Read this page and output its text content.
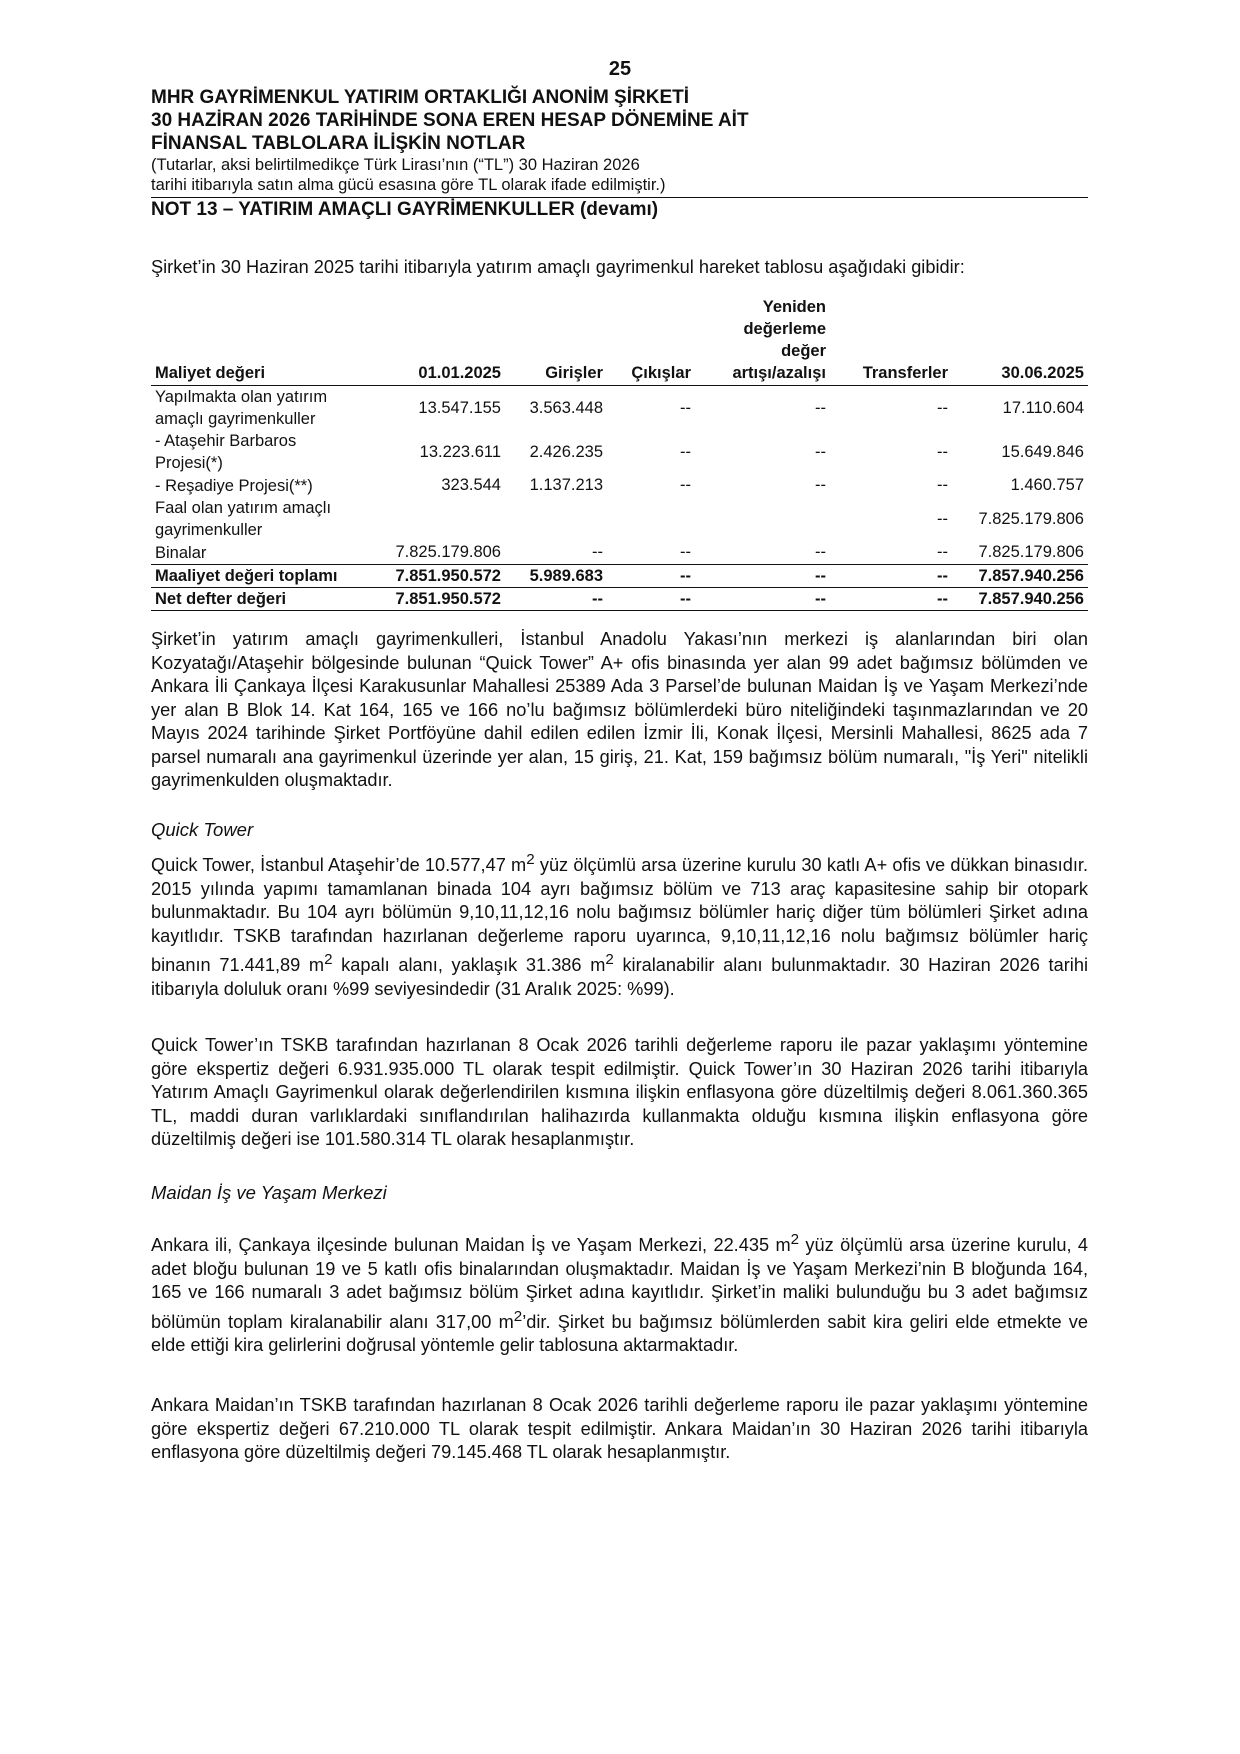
25
MHR GAYRİMENKUL YATIRIM ORTAKLIĞI ANONİM ŞİRKETİ
30 HAZİRAN 2026 TARİHİNDE SONA EREN HESAP DÖNEMİNE AİT
FİNANSAL TABLOLARA İLİŞKİN NOTLAR
(Tutarlar, aksi belirtilmedikçe Türk Lirası’nın (“TL”) 30 Haziran 2026
tarihi itibarıyla satın alma gücü esasına göre TL olarak ifade edilmiştir.)
NOT 13 – YATIRIM AMAÇLI GAYRİMENKULLER (devamı)
Şirket’in 30 Haziran 2025 tarihi itibarıyla yatırım amaçlı gayrimenkul hareket tablosu aşağıdaki gibidir:
Maliyet değeri	01.01.2025	Girişler	Çıkışlar	Yeniden
değerleme
değer
artışı/azalışı	Transferler	30.06.2025

Yapılmakta olan yatırım
amaçlı gayrimenkuller	13.547.155	3.563.448	--	--	--	17.110.604

- Ataşehir Barbaros
Projesi(*)	13.223.611	2.426.235	--	--	--	15.649.846
- Reşadiye Projesi(**)	323.544	1.137.213	--	--	--	1.460.757

Faal olan yatırım amaçlı
gayrimenkuller					--	7.825.179.806
Binalar	7.825.179.806	--	--	--	--	7.825.179.806
Maaliyet değeri toplamı	7.851.950.572	5.989.683	--	--	--	7.857.940.256
Net defter değeri	7.851.950.572	--	--	--	--	7.857.940.256
Şirket’in yatırım amaçlı gayrimenkulleri, İstanbul Anadolu Yakası’nın merkezi iş alanlarından biri olan Kozyatağı/Ataşehir bölgesinde bulunan “Quick Tower” A+ ofis binasında yer alan 99 adet bağımsız bölümden ve Ankara İli Çankaya İlçesi Karakusunlar Mahallesi 25389 Ada 3 Parsel’de bulunan Maidan İş ve Yaşam Merkezi’nde yer alan B Blok 14. Kat 164, 165 ve 166 no’lu bağımsız bölümlerdeki büro niteliğindeki taşınmazlarından ve 20 Mayıs 2024 tarihinde Şirket Portföyüne dahil edilen edilen İzmir İli, Konak İlçesi, Mersinli Mahallesi, 8625 ada 7 parsel numaralı ana gayrimenkul üzerinde yer alan, 15 giriş, 21. Kat, 159 bağımsız bölüm numaralı, "İş Yeri" nitelikli gayrimenkulden oluşmaktadır.
Quick Tower
Quick Tower, İstanbul Ataşehir’de 10.577,47 $m^2$ yüz ölçümlü arsa üzerine kurulu 30 katlı A+ ofis ve dükkan binasıdır. 2015 yılında yapımı tamamlanan binada 104 ayrı bağımsız bölüm ve 713 araç kapasitesine sahip bir otopark bulunmaktadır. Bu 104 ayrı bölümün 9,10,11,12,16 nolu bağımsız bölümler hariç diğer tüm bölümleri Şirket adına kayıtlıdır. TSKB tarafından hazırlanan değerleme raporu uyarınca, 9,10,11,12,16 nolu bağımsız bölümler hariç binanın 71.441,89 $m^2$ kapalı alanı, yaklaşık 31.386 $m^2$ kiralanabilir alanı bulunmaktadır. 30 Haziran 2026 tarihi itibarıyla doluluk oranı %99 seviyesindedir (31 Aralık 2025: %99).
Quick Tower’ın TSKB tarafından hazırlanan 8 Ocak 2026 tarihli değerleme raporu ile pazar yaklaşımı yöntemine göre ekspertiz değeri 6.931.935.000 TL olarak tespit edilmiştir. Quick Tower’ın 30 Haziran 2026 tarihi itibarıyla Yatırım Amaçlı Gayrimenkul olarak değerlendirilen kısmına ilişkin enflasyona göre düzeltilmiş değeri 8.061.360.365 TL, maddi duran varlıklardaki sınıflandırılan halihazırda kullanmakta olduğu kısmına ilişkin enflasyona göre düzeltilmiş değeri ise 101.580.314 TL olarak hesaplanmıştır.
Maidan İş ve Yaşam Merkezi
Ankara ili, Çankaya ilçesinde bulunan Maidan İş ve Yaşam Merkezi, 22.435 $m^2$ yüz ölçümlü arsa üzerine kurulu, 4 adet bloğu bulunan 19 ve 5 katlı ofis binalarından oluşmaktadır. Maidan İş ve Yaşam Merkezi’nin B bloğunda 164, 165 ve 166 numaralı 3 adet bağımsız bölüm Şirket adına kayıtlıdır. Şirket’in maliki bulunduğu bu 3 adet bağımsız bölümün toplam kiralanabilir alanı 317,00 $m^2’dir$. Şirket bu bağımsız bölümlerden sabit kira geliri elde etmekte ve elde ettiği kira gelirlerini doğrusal yöntemle gelir tablosuna aktarmaktadır.
Ankara Maidan’ın TSKB tarafından hazırlanan 8 Ocak 2026 tarihli değerleme raporu ile pazar yaklaşımı yöntemine göre ekspertiz değeri 67.210.000 TL olarak tespit edilmiştir. Ankara Maidan’ın 30 Haziran 2026 tarihi itibarıyla enflasyona göre düzeltilmiş değeri 79.145.468 TL olarak hesaplanmıştır.
